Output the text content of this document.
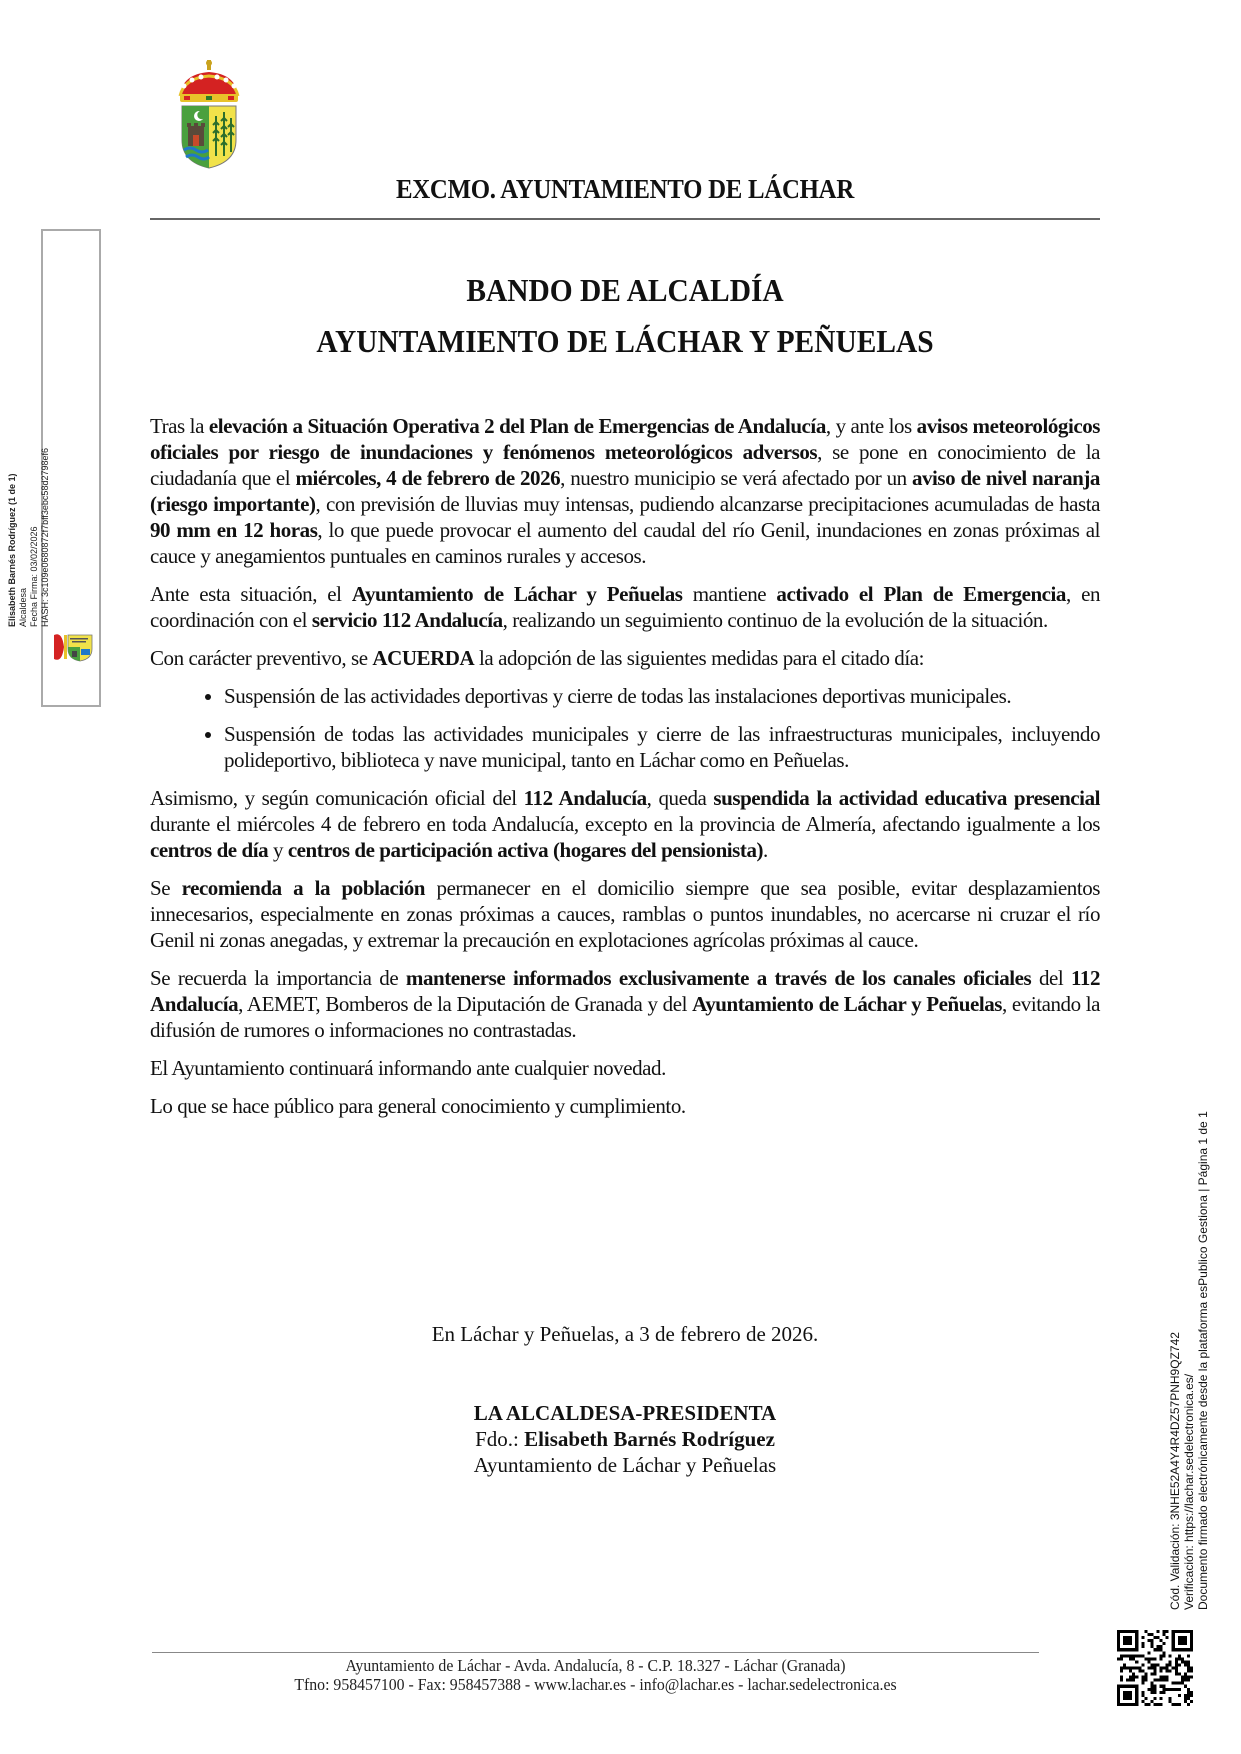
EXCMO. AYUNTAMIENTO DE LÁCHAR
Elisabeth Barnés Rodríguez (1 de 1) Alcaldesa Fecha Firma: 03/02/2026 HASH: 3c109e0680872f7bff3ebc58d2798ef6
BANDO DE ALCALDÍA
AYUNTAMIENTO DE LÁCHAR Y PEÑUELAS

Tras la elevación a Situación Operativa 2 del Plan de Emergencias de Andalucía, y ante los avisos meteorológicos oficiales por riesgo de inundaciones y fenómenos meteorológicos adversos, se pone en conocimiento de la ciudadanía que el miércoles, 4 de febrero de 2026, nuestro municipio se verá afectado por un aviso de nivel naranja (riesgo importante), con previsión de lluvias muy intensas, pudiendo alcanzarse precipitaciones acumuladas de hasta 90 mm en 12 horas, lo que puede provocar el aumento del caudal del río Genil, inundaciones en zonas próximas al cauce y anegamientos puntuales en caminos rurales y accesos.

Ante esta situación, el Ayuntamiento de Láchar y Peñuelas mantiene activado el Plan de Emergencia, en coordinación con el servicio 112 Andalucía, realizando un seguimiento continuo de la evolución de la situación.

Con carácter preventivo, se ACUERDA la adopción de las siguientes medidas para el citado día:

• Suspensión de las actividades deportivas y cierre de todas las instalaciones deportivas municipales.
• Suspensión de todas las actividades municipales y cierre de las infraestructuras municipales, incluyendo polideportivo, biblioteca y nave municipal, tanto en Láchar como en Peñuelas.

Asimismo, y según comunicación oficial del 112 Andalucía, queda suspendida la actividad educativa presencial durante el miércoles 4 de febrero en toda Andalucía, excepto en la provincia de Almería, afectando igualmente a los centros de día y centros de participación activa (hogares del pensionista).

Se recomienda a la población permanecer en el domicilio siempre que sea posible, evitar desplazamientos innecesarios, especialmente en zonas próximas a cauces, ramblas o puntos inundables, no acercarse ni cruzar el río Genil ni zonas anegadas, y extremar la precaución en explotaciones agrícolas próximas al cauce.

Se recuerda la importancia de mantenerse informados exclusivamente a través de los canales oficiales del 112 Andalucía, AEMET, Bomberos de la Diputación de Granada y del Ayuntamiento de Láchar y Peñuelas, evitando la difusión de rumores o informaciones no contrastadas.

El Ayuntamiento continuará informando ante cualquier novedad.

Lo que se hace público para general conocimiento y cumplimiento.

En Láchar y Peñuelas, a 3 de febrero de 2026.
LA ALCALDESA-PRESIDENTA
Fdo.: Elisabeth Barnés Rodríguez
Ayuntamiento de Láchar y Peñuelas	Cód. Validación: 3NHE52A4Y4R4DZ57PNH9QZ742 Verificación: https://lachar.sedelectronica.es/ Documento firmado electrónicamente desde la plataforma esPublico Gestiona | Página 1 de 1
Ayuntamiento de Láchar - Avda. Andalucía, 8 - C.P. 18.327 - Láchar (Granada)
Tfno: 958457100 - Fax: 958457388 - www.lachar.es - info@lachar.es - lachar.sedelectronica.es
